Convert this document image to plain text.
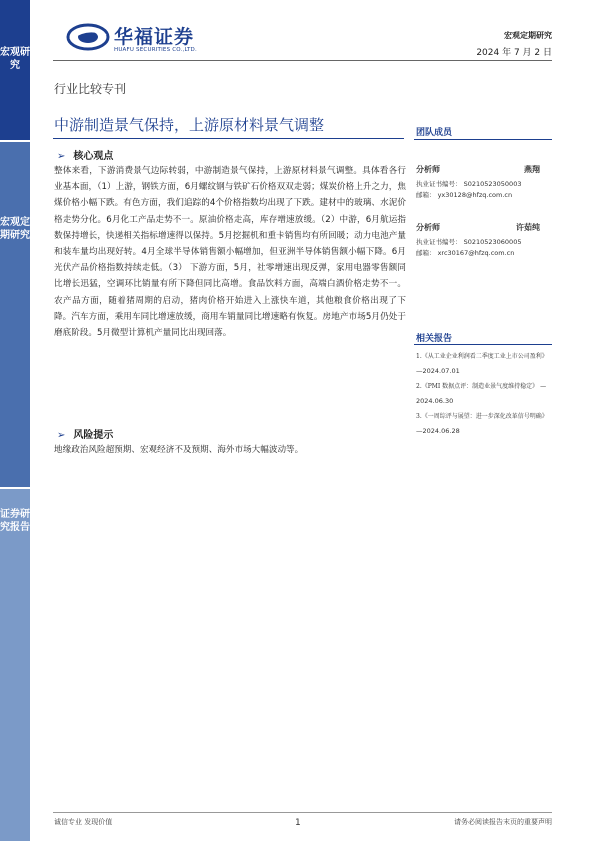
宏观研究
宏观定期研究
证券研究报告
华福证券
HUAFU SECURITIES CO.,LTD.
宏观定期研究
2024 年 7 月 2 日
行业比较专刊
中游制造景气保持，上游原材料景气调整
➢ 核心观点
整体来看，下游消费景气边际转弱，中游制造景气保持，上游原材料景气调整。具体看各行业基本面，（1）上游，钢铁方面，6月螺纹钢与铁矿石价格双双走弱；煤炭价格上升之力，焦煤价格小幅下跌。有色方面，我们追踪的4个价格指数均出现了下跌。建材中的玻璃、水泥价格走势分化。6月化工产品走势不一。原油价格走高，库存增速放缓。（2）中游，6月航运指数保持增长，快递相关指标增速得以保持。5月挖掘机和重卡销售均有所回暖；动力电池产量和装车量均出现好转。4月全球半导体销售额小幅增加，但亚洲半导体销售额小幅下降。6月光伏产品价格指数持续走低。（3） 下游方面，5月，社零增速出现反弹，家用电器零售额同比增长迅猛，空调环比销量有所下降但同比高增。食品饮料方面，高端白酒价格走势不一。农产品方面，随着猪周期的启动，猪肉价格开始进入上涨快车道，其他粮食价格出现了下降。汽车方面，乘用车同比增速放缓，商用车销量同比增速略有恢复。房地产市场5月仍处于磨底阶段。5月微型计算机产量同比出现回落。
➢ 风险提示
地缘政治风险超预期、宏观经济不及预期、海外市场大幅波动等。
团队成员
分析师	燕翔
执业证书编号： S0210523050003
邮箱： yx30128@hfzq.com.cn
分析师	许茹纯
执业证书编号： S0210523060005
邮箱： xrc30167@hfzq.com.cn
相关报告
1.《从工业企业利润看二季度工业上市公司盈利》
—2024.07.01
2.《PMI 数据点评：制造业景气度维持稳定》 —
2024.06.30
3.《一周综评与展望：进一步深化改革信号明确》
—2024.06.28
诚信专业 发现价值	1	请务必阅读报告末页的重要声明
